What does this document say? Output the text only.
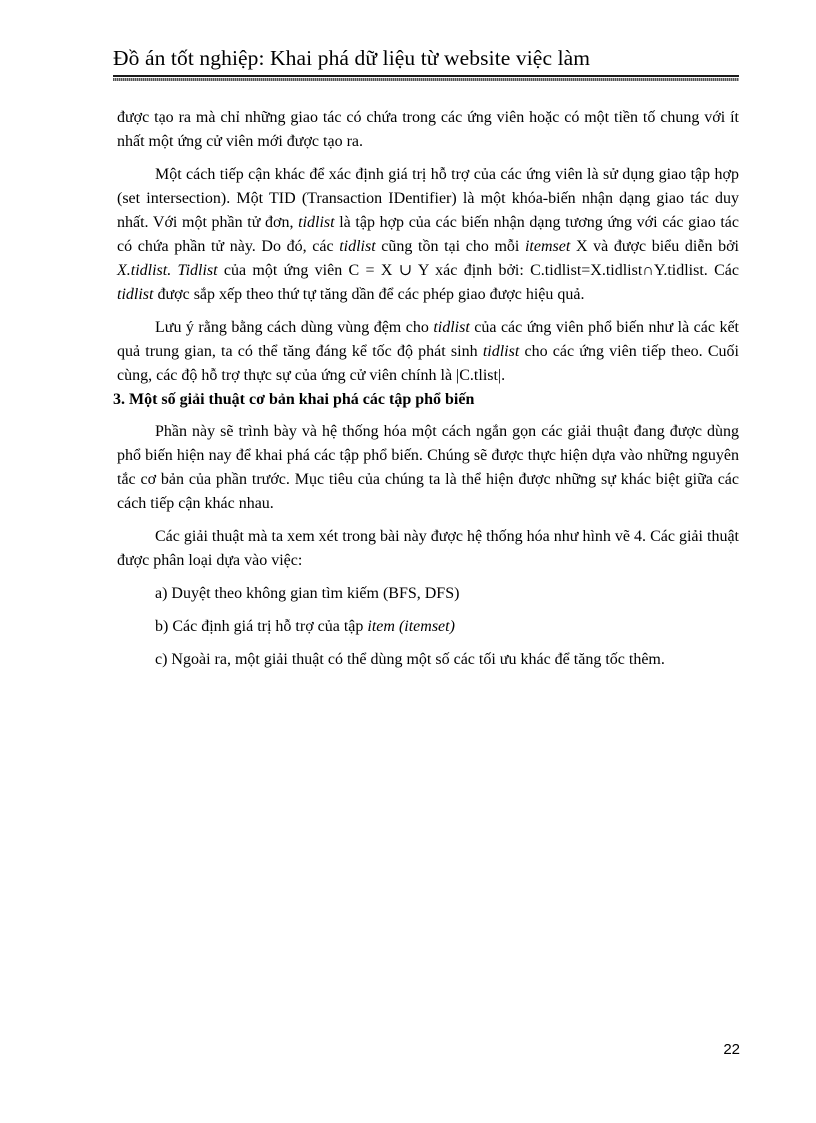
Đồ án tốt nghiệp: Khai phá dữ liệu từ website việc làm

được tạo ra mà chỉ những giao tác có chứa trong các ứng viên hoặc có một tiền tố chung với ít nhất một ứng cử viên mới được tạo ra.

Một cách tiếp cận khác để xác định giá trị hỗ trợ của các ứng viên là sử dụng giao tập hợp (set intersection). Một TID (Transaction IDentifier) là một khóa-biến nhận dạng giao tác duy nhất. Với một phần tử đơn, tidlist là tập hợp của các biến nhận dạng tương ứng với các giao tác có chứa phần tử này. Do đó, các tidlist cũng tồn tại cho mỗi itemset X và được biểu diễn bởi X.tidlist. Tidlist của một ứng viên C = X ∪ Y xác định bởi: C.tidlist=X.tidlist∩Y.tidlist. Các tidlist được sắp xếp theo thứ tự tăng dần để các phép giao được hiệu quả.

Lưu ý rằng bằng cách dùng vùng đệm cho tidlist của các ứng viên phổ biến như là các kết quả trung gian, ta có thể tăng đáng kể tốc độ phát sinh tidlist cho các ứng viên tiếp theo. Cuối cùng, các độ hỗ trợ thực sự của ứng cử viên chính là |C.tlist|.

3. Một số giải thuật cơ bản khai phá các tập phổ biến

Phần này sẽ trình bày và hệ thống hóa một cách ngắn gọn các giải thuật đang được dùng phổ biến hiện nay để khai phá các tập phổ biến. Chúng sẽ được thực hiện dựa vào những nguyên tắc cơ bản của phần trước. Mục tiêu của chúng ta là thể hiện được những sự khác biệt giữa các cách tiếp cận khác nhau.

Các giải thuật mà ta xem xét trong bài này được hệ thống hóa như hình vẽ 4. Các giải thuật được phân loại dựa vào việc:

a) Duyệt theo không gian tìm kiếm (BFS, DFS)

b) Các định giá trị hỗ trợ của tập item (itemset)

c) Ngoài ra, một giải thuật có thể dùng một số các tối ưu khác để tăng tốc thêm.

22
